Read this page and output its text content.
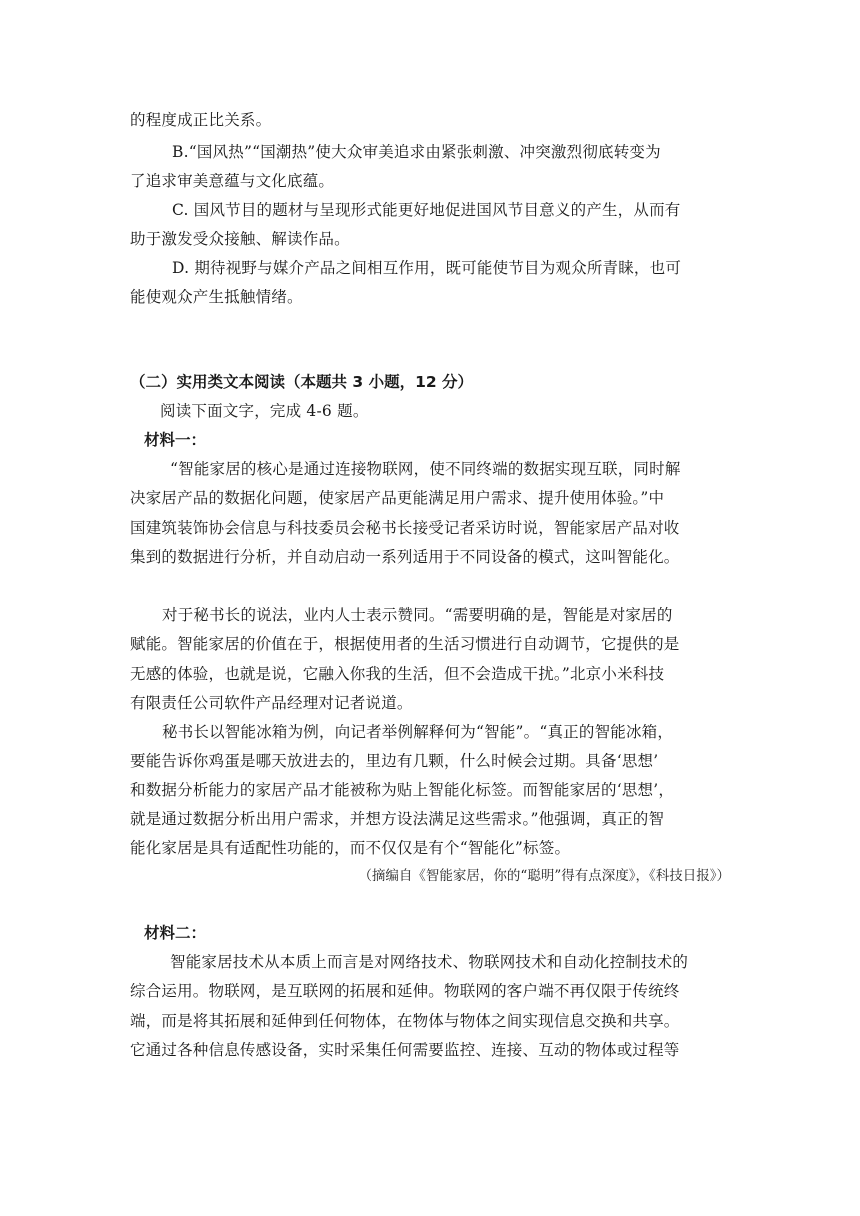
的程度成正比关系。
B.“国风热”“国潮热”使大众审美追求由紧张刺激、冲突激烈彻底转变为
了追求审美意蕴与文化底蕴。
C. 国风节目的题材与呈现形式能更好地促进国风节目意义的产生，从而有
助于激发受众接触、解读作品。
D. 期待视野与媒介产品之间相互作用，既可能使节目为观众所青睐，也可
能使观众产生抵触情绪。
（二）实用类文本阅读（本题共 3 小题，12 分）
阅读下面文字，完成 4-6 题。
材料一：
“智能家居的核心是通过连接物联网，使不同终端的数据实现互联，同时解
决家居产品的数据化问题，使家居产品更能满足用户需求、提升使用体验。”中
国建筑装饰协会信息与科技委员会秘书长接受记者采访时说，智能家居产品对收
集到的数据进行分析，并自动启动一系列适用于不同设备的模式，这叫智能化。
对于秘书长的说法，业内人士表示赞同。“需要明确的是，智能是对家居的
赋能。智能家居的价值在于，根据使用者的生活习惯进行自动调节，它提供的是
无感的体验，也就是说，它融入你我的生活，但不会造成干扰。”北京小米科技
有限责任公司软件产品经理对记者说道。
秘书长以智能冰箱为例，向记者举例解释何为“智能”。“真正的智能冰箱，
要能告诉你鸡蛋是哪天放进去的，里边有几颗，什么时候会过期。具备‘思想’
和数据分析能力的家居产品才能被称为贴上智能化标签。而智能家居的‘思想’，
就是通过数据分析出用户需求，并想方设法满足这些需求。”他强调，真正的智
能化家居是具有适配性功能的，而不仅仅是有个“智能化”标签。
（摘编自《智能家居，你的“聪明”得有点深度》，《科技日报》）
材料二：
智能家居技术从本质上而言是对网络技术、物联网技术和自动化控制技术的
综合运用。物联网，是互联网的拓展和延伸。物联网的客户端不再仅限于传统终
端，而是将其拓展和延伸到任何物体，在物体与物体之间实现信息交换和共享。
它通过各种信息传感设备，实时采集任何需要监控、连接、互动的物体或过程等
